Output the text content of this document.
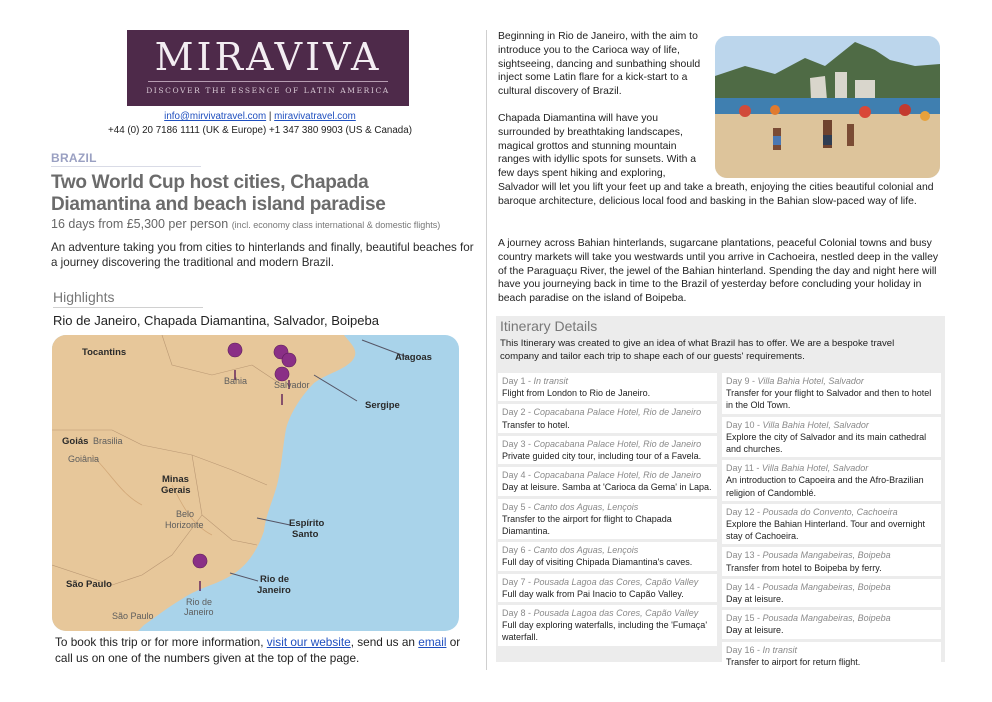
MIRAVIVA
DISCOVER THE ESSENCE OF LATIN AMERICA
info@mirvivatravel.com | miravivatravel.com
+44 (0) 20 7186 1111 (UK & Europe) +1 347 380 9903 (US & Canada)
BRAZIL
Two World Cup host cities, Chapada Diamantina and beach island paradise
16 days from £5,300 per person (incl. economy class international & domestic flights)
An adventure taking you from cities to hinterlands and finally, beautiful beaches for a journey discovering the traditional and modern Brazil.
Highlights
Rio de Janeiro, Chapada Diamantina, Salvador, Boipeba
Tocantins	Alagoas
Sergipe
Goiás
Minas
Gerais
Espírito
Santo
São Paulo	Rio de
Janeiro
Bahia	Salvador
Brasilia
Goiânia
Belo
Horizonte
Rio de
Janeiro
São Paulo
To book this trip or for more information, visit our website, send us an email or call us on one of the numbers given at the top of the page.
Beginning in Rio de Janeiro, with the aim to introduce you to the Carioca way of life, sightseeing, dancing and sunbathing should inject some Latin flare for a kick-start to a cultural discovery of Brazil.
Chapada Diamantina will have you surrounded by breathtaking landscapes, magical grottos and stunning mountain ranges with idyllic spots for sunsets. With a few days spent hiking and exploring,
Salvador will let you lift your feet up and take a breath, enjoying the cities beautiful colonial and baroque architecture, delicious local food and basking in the Bahian slow-paced way of life.
A journey across Bahian hinterlands, sugarcane plantations, peaceful Colonial towns and busy country markets will take you westwards until you arrive in Cachoeira, nestled deep in the valley of the Paraguaçu River, the jewel of the Bahian hinterland. Spending the day and night here will have you journeying back in time to the Brazil of yesterday before concluding your holiday in beach paradise on the island of Boipeba.
Itinerary Details
This Itinerary was created to give an idea of what Brazil has to offer. We are a bespoke travel company and tailor each trip to shape each of our guests' requirements.
Day 1 - In transit
Flight from London to Rio de Janeiro.
Day 2 - Copacabana Palace Hotel, Rio de Janeiro
Transfer to hotel.
Day 3 - Copacabana Palace Hotel, Rio de Janeiro
Private guided city tour, including tour of a Favela.
Day 4 - Copacabana Palace Hotel, Rio de Janeiro
Day at leisure. Samba at 'Carioca da Gema' in Lapa.
Day 5 - Canto dos Aguas, Lençois
Transfer to the airport for flight to Chapada Diamantina.
Day 6 - Canto dos Aguas, Lençois
Full day of visiting Chipada Diamantina's caves.
Day 7 - Pousada Lagoa das Cores, Capão Valley
Full day walk from Pai Inacio to Capão Valley.
Day 8 - Pousada Lagoa das Cores, Capão Valley
Full day exploring waterfalls, including the 'Fumaça' waterfall.
Day 9 - Villa Bahia Hotel, Salvador
Transfer for your flight to Salvador and then to hotel in the Old Town.
Day 10 - Villa Bahia Hotel, Salvador
Explore the city of Salvador and its main cathedral and churches.
Day 11 - Villa Bahia Hotel, Salvador
An introduction to Capoeira and the Afro-Brazilian religion of Candomblé.
Day 12 - Pousada do Convento, Cachoeira
Explore the Bahian Hinterland. Tour and overnight stay of Cachoeira.
Day 13 - Pousada Mangabeiras, Boipeba
Transfer from hotel to Boipeba by ferry.
Day 14 - Pousada Mangabeiras, Boipeba
Day at leisure.
Day 15 - Pousada Mangabeiras, Boipeba
Day at leisure.
Day 16 - In transit
Transfer to airport for return flight.
